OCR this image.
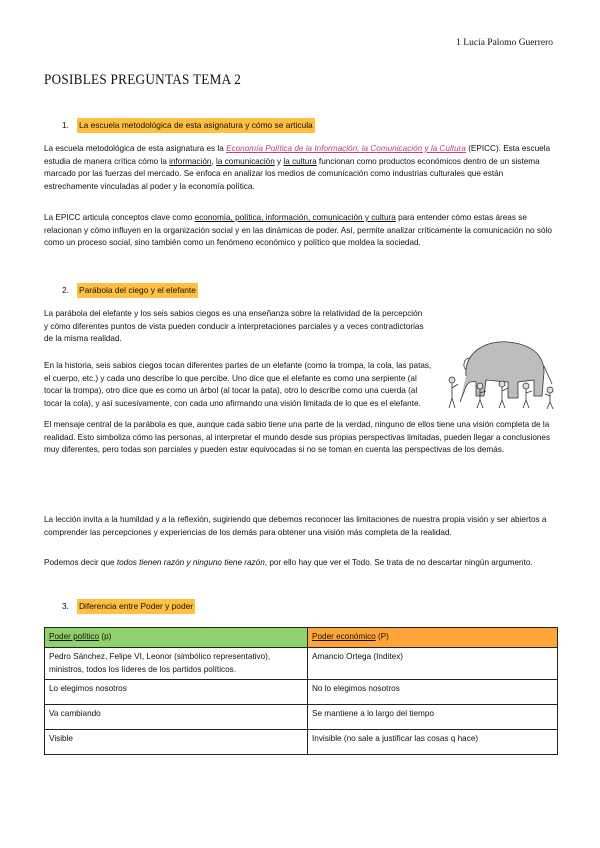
1 Lucía Palomo Guerrero
POSIBLES PREGUNTAS TEMA 2
1.	La escuela metodológica de esta asignatura y cómo se articula

La escuela metodológica de esta asignatura es la Economía Política de la Información, la Comunicación y la Cultura (EPICC). Esta escuela estudia de manera crítica cómo la información, la comunicación y la cultura funcionan como productos económicos dentro de un sistema marcado por las fuerzas del mercado. Se enfoca en analizar los medios de comunicación como industrias culturales que están estrechamente vinculadas al poder y la economía política.

La EPICC articula conceptos clave como economía, política, información, comunicación y cultura para entender cómo estas áreas se relacionan y cómo influyen en la organización social y en las dinámicas de poder. Así, permite analizar críticamente la comunicación no sólo como un proceso social, sino también como un fenómeno económico y político que moldea la sociedad.

2.	Parábola del ciego y el elefante
La parábola del elefante y los seis sabios ciegos es una enseñanza sobre la relatividad de la percepción y cómo diferentes puntos de vista pueden conducir a interpretaciones parciales y a veces contradictorias de la misma realidad.
En la historia, seis sabios ciegos tocan diferentes partes de un elefante (como la trompa, la cola, las patas, el cuerpo, etc.) y cada uno describe lo que percibe. Uno dice que el elefante es como una serpiente (al tocar la trompa), otro dice que es como un árbol (al tocar la pata), otro lo describe como una cuerda (al tocar la cola), y así sucesivamente, con cada uno afirmando una visión limitada de lo que es el elefante.
El mensaje central de la parábola es que, aunque cada sabio tiene una parte de la verdad, ninguno de ellos tiene una visión completa de la realidad. Esto simboliza cómo las personas, al interpretar el mundo desde sus propias perspectivas limitadas, pueden llegar a conclusiones muy diferentes, pero todas son parciales y pueden estar equivocadas si no se toman en cuenta las perspectivas de los demás.
La lección invita a la humildad y a la reflexión, sugiriendo que debemos reconocer las limitaciones de nuestra propia visión y ser abiertos a comprender las percepciones y experiencias de los demás para obtener una visión más completa de la realidad.

Podemos decir que todos tienen razón y ninguno tiene razón, por ello hay que ver el Todo. Se trata de no descartar ningún argumento.

3.	Diferencia entre Poder y poder
Poder político (p)	Poder económico (P)
Pedro Sánchez, Felipe VI, Leonor (simbólico representativo), ministros, todos los líderes de los partidos políticos.	Amancio Ortega (Inditex)
Lo elegimos nosotros	No lo elegimos nosotros
Va cambiando	Se mantiene a lo largo del tiempo
Visible	Invisible (no sale a justificar las cosas q hace)
